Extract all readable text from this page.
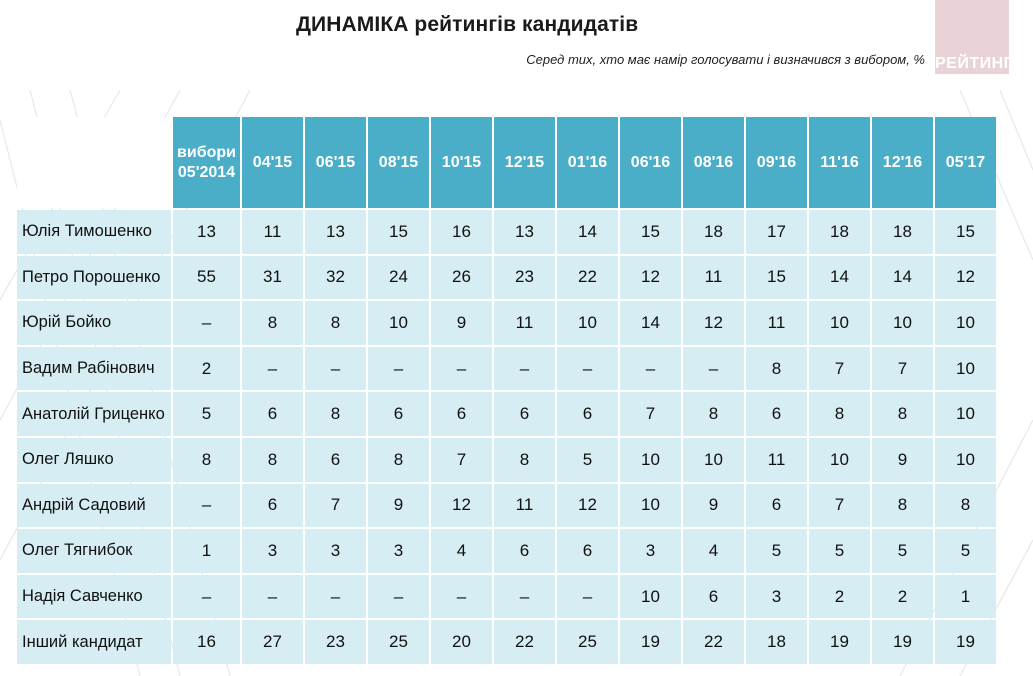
ДИНАМІКА рейтингів кандидатів
Серед тих, хто має намір голосувати і визначився з вибором, % РЕЙТИНГ
	вибори 05'2014	04'15	06'15	08'15	10'15	12'15	01'16	06'16	08'16	09'16	11'16	12'16	05'17
Юлія Тимошенко	13	11	13	15	16	13	14	15	18	17	18	18	15
Петро Порошенко	55	31	32	24	26	23	22	12	11	15	14	14	12
Юрій Бойко	–	8	8	10	9	11	10	14	12	11	10	10	10
Вадим Рабінович	2	–	–	–	–	–	–	–	–	8	7	7	10
Анатолій Гриценко	5	6	8	6	6	6	6	7	8	6	8	8	10
Олег Ляшко	8	8	6	8	7	8	5	10	10	11	10	9	10
Андрій Садовий	–	6	7	9	12	11	12	10	9	6	7	8	8
Олег Тягнибок	1	3	3	3	4	6	6	3	4	5	5	5	5
Надія Савченко	–	–	–	–	–	–	–	10	6	3	2	2	1
Інший кандидат	16	27	23	25	20	22	25	19	22	18	19	19	19
